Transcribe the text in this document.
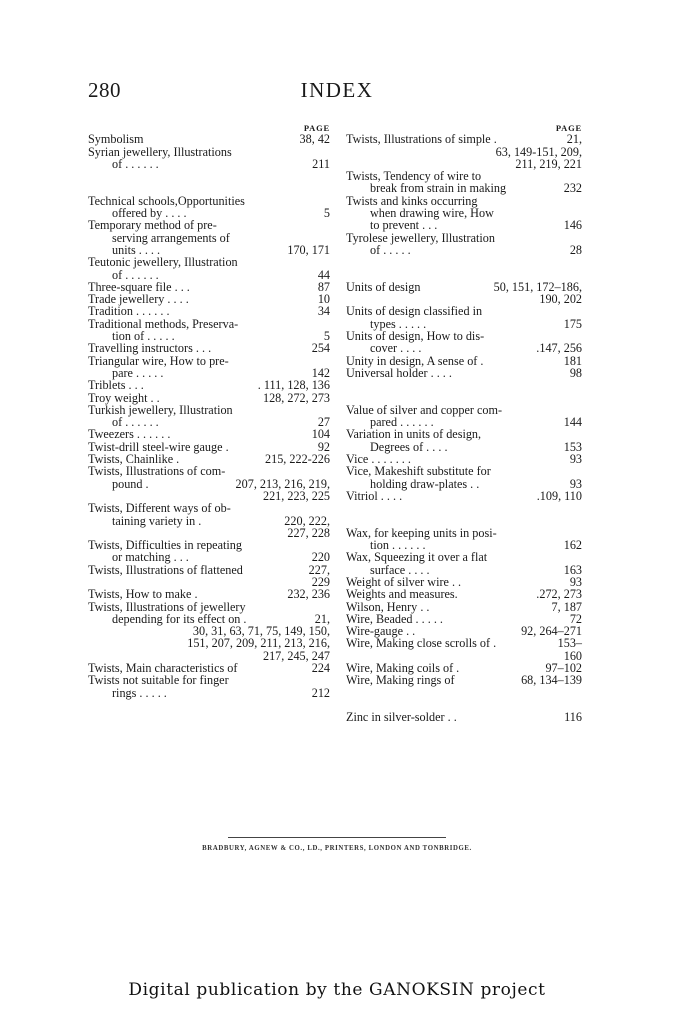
280	INDEX
PAGE
Symbolism	38, 42
Syrian jewellery, Illustrations
of . . . . . .	211
Technical schools,Opportunities
offered by . . . .	5
Temporary method of pre-
serving arrangements of
units . . . .	170, 171
Teutonic jewellery, Illustration
of . . . . . .	44
Three-square file . . .	87
Trade jewellery . . . .	10
Tradition . . . . . .	34
Traditional methods, Preserva-
tion of . . . . .	5
Travelling instructors . . .	254
Triangular wire, How to pre-
pare . . . . .	142
Triblets . . .	. 111, 128, 136
Troy weight . .	128, 272, 273
Turkish jewellery, Illustration
of . . . . . .	27
Tweezers . . . . . .	104
Twist-drill steel-wire gauge .	92
Twists, Chainlike .	215, 222-226
Twists, Illustrations of com-
pound .	207, 213, 216, 219,
221, 223, 225
Twists, Different ways of ob-
taining variety in .	220, 222,
227, 228
Twists, Difficulties in repeating
or matching . . .	220
Twists, Illustrations of flattened	227,
229
Twists, How to make .	232, 236
Twists, Illustrations of jewellery
depending for its effect on .	21,
30, 31, 63, 71, 75, 149, 150,
151, 207, 209, 211, 213, 216,
217, 245, 247
Twists, Main characteristics of	224
Twists not suitable for finger
rings . . . . .	212
PAGE
Twists, Illustrations of simple .	21,
63, 149-151, 209,
211, 219, 221
Twists, Tendency of wire to
break from strain in making	232
Twists and kinks occurring
when drawing wire, How
to prevent . . .	146
Tyrolese jewellery, Illustration
of . . . . .	28
Units of design	50, 151, 172–186,
190, 202
Units of design classified in
types . . . . .	175
Units of design, How to dis-
cover . . . .	.147, 256
Unity in design, A sense of .	181
Universal holder . . . .	98
Value of silver and copper com-
pared . . . . . .	144
Variation in units of design,
Degrees of . . . .	153
Vice . . . . . . .	93
Vice, Makeshift substitute for
holding draw-plates . .	93
Vitriol . . . .	.109, 110
Wax, for keeping units in posi-
tion . . . . . .	162
Wax, Squeezing it over a flat
surface . . . .	163
Weight of silver wire . .	93
Weights and measures.	.272, 273
Wilson, Henry . .	7, 187
Wire, Beaded . . . . .	72
Wire-gauge . .	92, 264–271
Wire, Making close scrolls of .	153–
160
Wire, Making coils of .	97–102
Wire, Making rings of	68, 134–139
Zinc in silver-solder . .	116
BRADBURY, AGNEW & CO., LD., PRINTERS, LONDON AND TONBRIDGE.
Digital publication by the GANOKSIN project
